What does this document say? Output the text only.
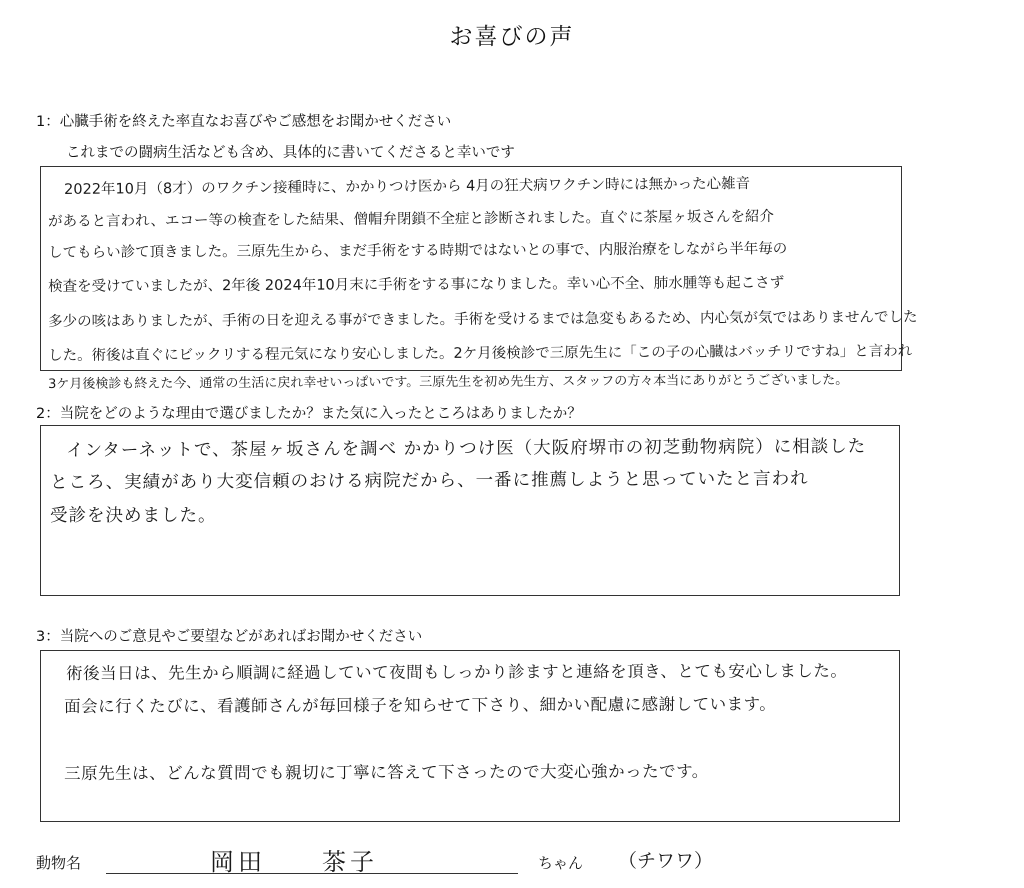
お喜びの声
1：心臓手術を終えた率直なお喜びやご感想をお聞かせください
これまでの闘病生活なども含め、具体的に書いてくださると幸いです
2022年10月（8才）のワクチン接種時に、かかりつけ医から 4月の狂犬病ワクチン時には無かった心雑音
があると言われ、エコー等の検査をした結果、僧帽弁閉鎖不全症と診断されました。直ぐに茶屋ヶ坂さんを紹介
してもらい診て頂きました。三原先生から、まだ手術をする時期ではないとの事で、内服治療をしながら半年毎の
検査を受けていましたが、2年後 2024年10月末に手術をする事になりました。幸い心不全、肺水腫等も起こさず
多少の咳はありましたが、手術の日を迎える事ができました。手術を受けるまでは急変もあるため、内心気が気ではありませんでした
した。術後は直ぐにビックリする程元気になり安心しました。2ケ月後検診で三原先生に「この子の心臓はバッチリですね」と言われ
3ケ月後検診も終えた今、通常の生活に戻れ幸せいっぱいです。三原先生を初め先生方、スタッフの方々本当にありがとうございました。
2：当院をどのような理由で選びましたか？また気に入ったところはありましたか？
インターネットで、茶屋ヶ坂さんを調べ かかりつけ医（大阪府堺市の初芝動物病院）に相談した
ところ、実績があり大変信頼のおける病院だから、一番に推薦しようと思っていたと言われ
受診を決めました。
3：当院へのご意見やご要望などがあればお聞かせください
術後当日は、先生から順調に経過していて夜間もしっかり診ますと連絡を頂き、とても安心しました。
面会に行くたびに、看護師さんが毎回様子を知らせて下さり、細かい配慮に感謝しています。
三原先生は、どんな質問でも親切に丁寧に答えて下さったので大変心強かったです。
動物名	岡田　　茶子	ちゃん （チワワ）
